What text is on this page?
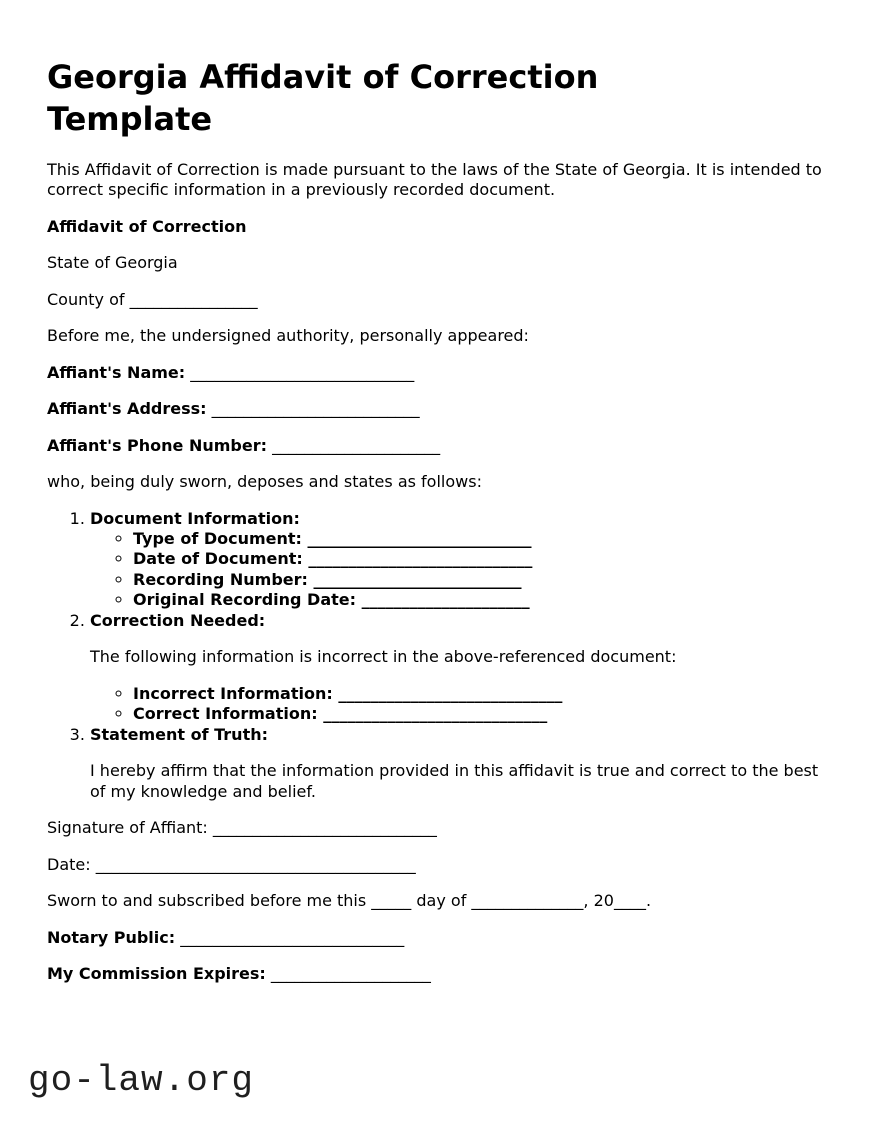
Georgia Affidavit of Correction Template

This Affidavit of Correction is made pursuant to the laws of the State of Georgia. It is intended to correct specific information in a previously recorded document.

Affidavit of Correction

State of Georgia

County of ________________

Before me, the undersigned authority, personally appeared:

Affiant's Name: ____________________________

Affiant's Address: __________________________

Affiant's Phone Number: _____________________

who, being duly sworn, deposes and states as follows:

1. Document Information:
◦ Type of Document: ____________________________
◦ Date of Document: ____________________________
◦ Recording Number: __________________________
◦ Original Recording Date: _____________________
2. Correction Needed:

The following information is incorrect in the above-referenced document:

◦ Incorrect Information: ____________________________
◦ Correct Information: ____________________________
3. Statement of Truth:

I hereby affirm that the information provided in this affidavit is true and correct to the best of my knowledge and belief.

Signature of Affiant: ____________________________

Date: ________________________________________

Sworn to and subscribed before me this _____ day of ______________, 20____.

Notary Public: ____________________________

My Commission Expires: ____________________

go-law.org
